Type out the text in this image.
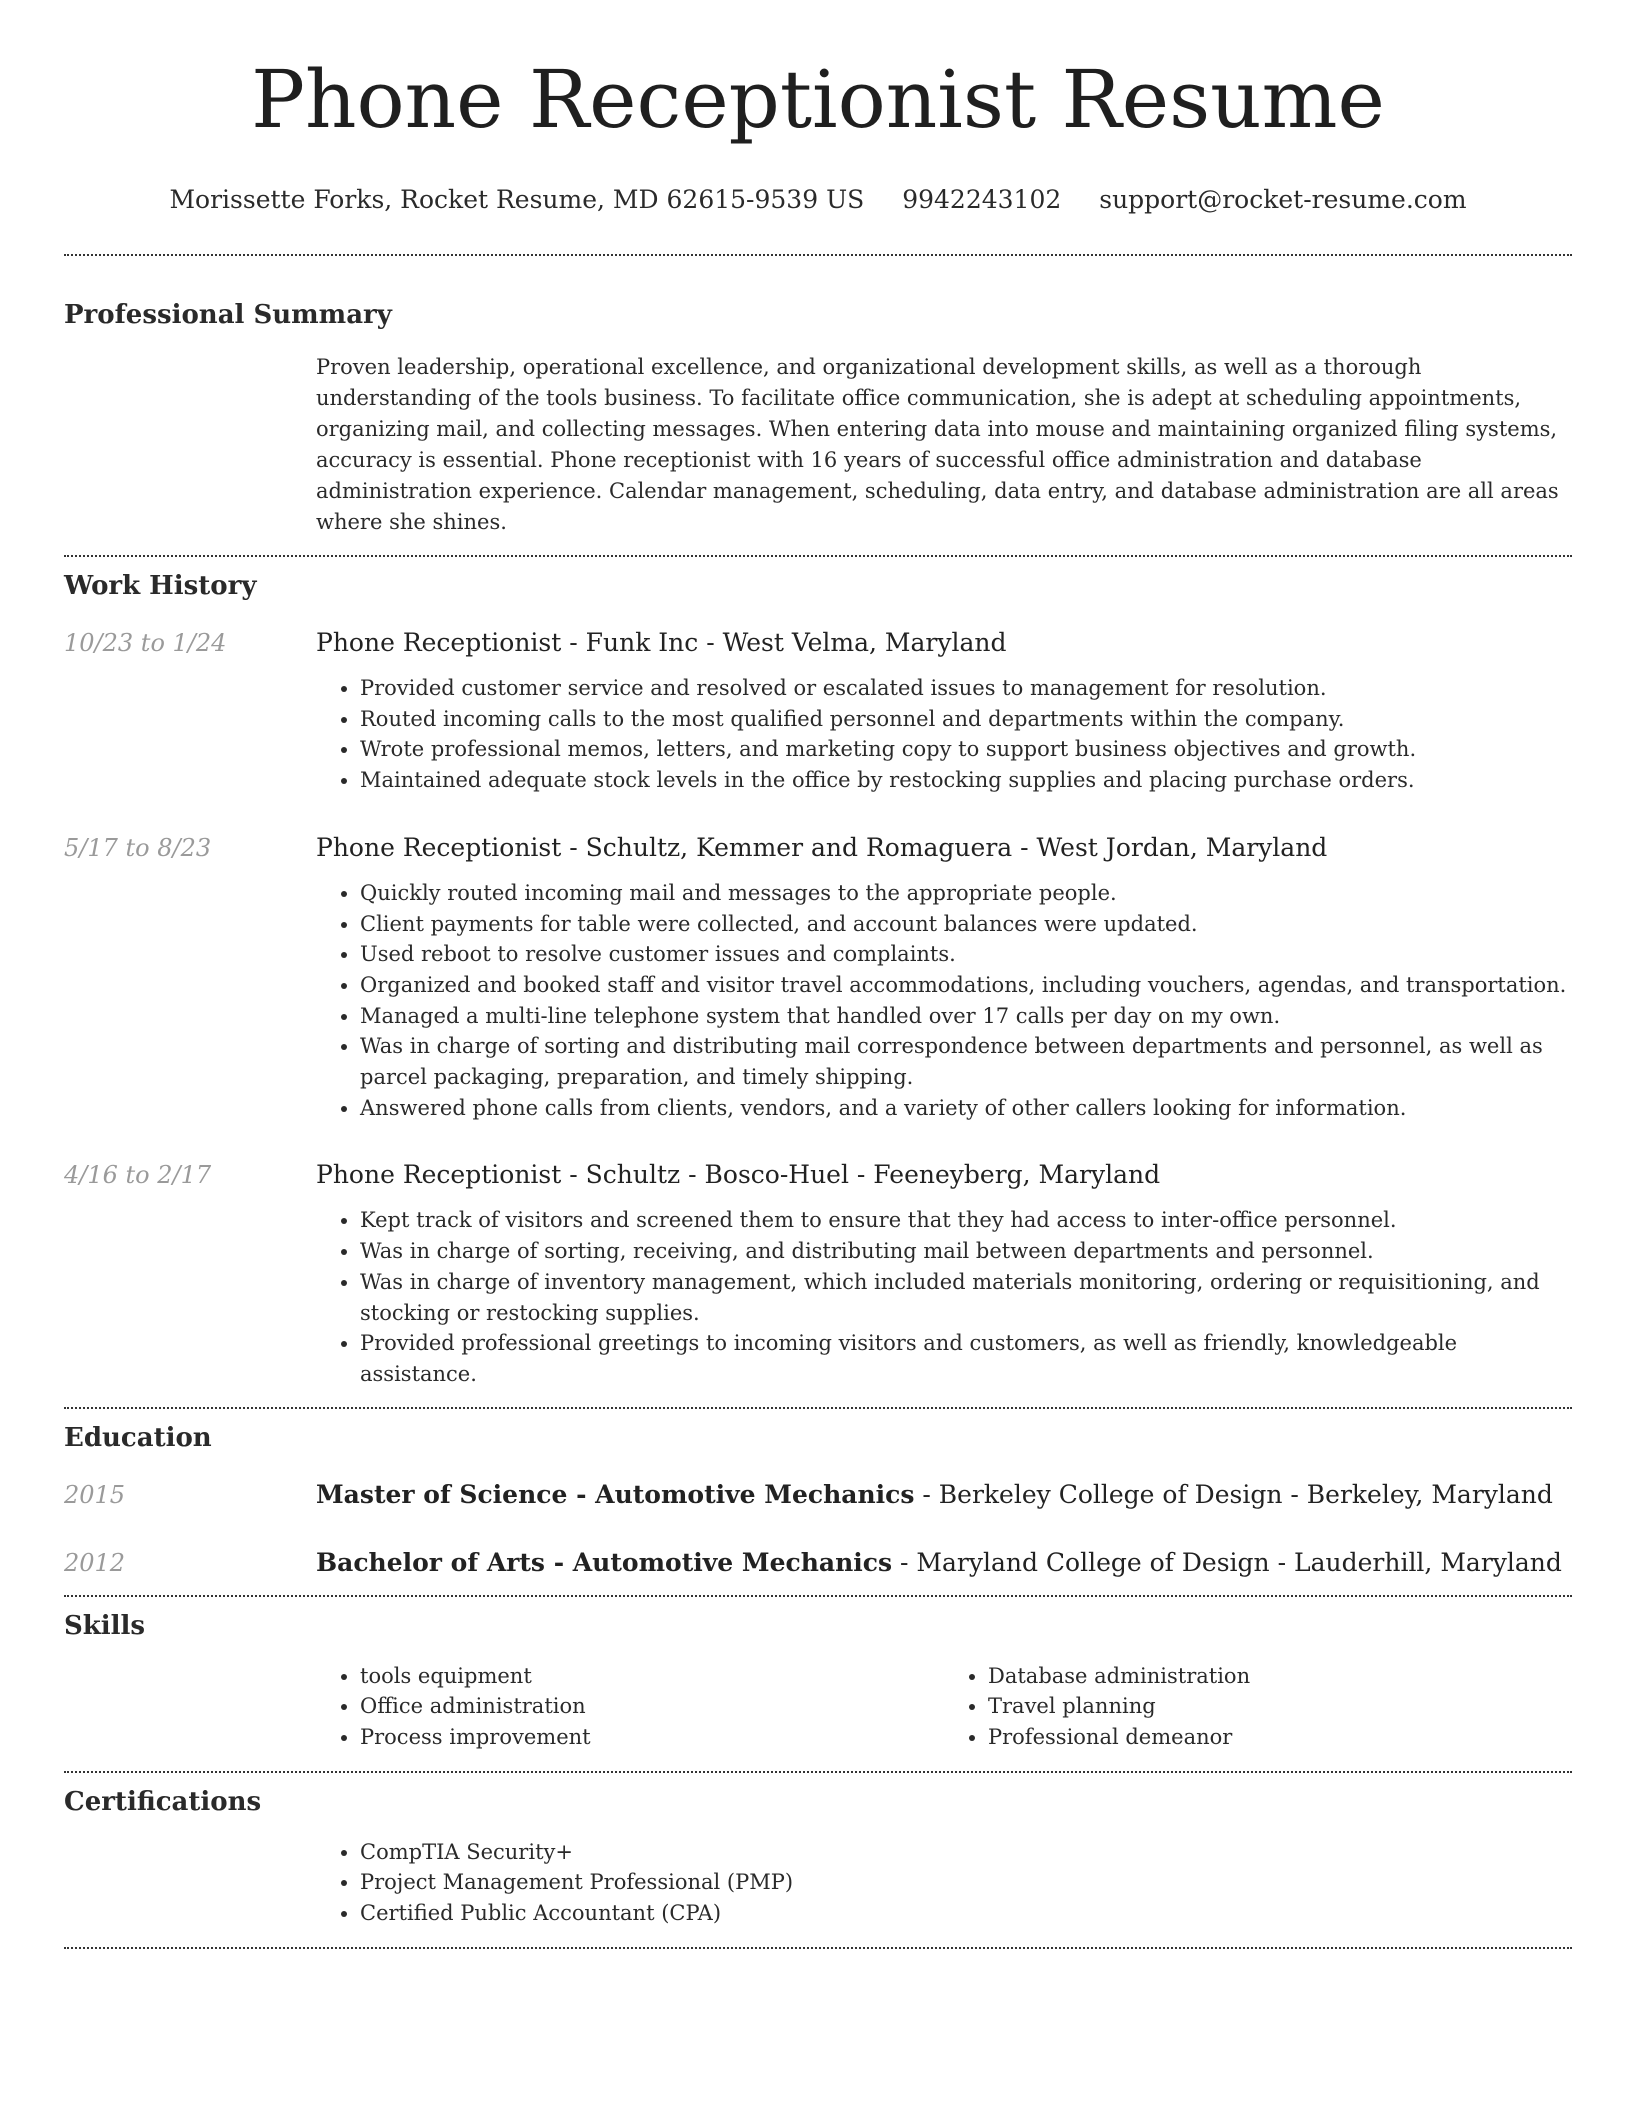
Phone Receptionist Resume
Morissette Forks, Rocket Resume, MD 62615-9539 US 9942243102 support@rocket-resume.com
Professional Summary

Proven leadership, operational excellence, and organizational development skills, as well as a thorough understanding of the tools business. To facilitate office communication, she is adept at scheduling appointments, organizing mail, and collecting messages. When entering data into mouse and maintaining organized filing systems, accuracy is essential. Phone receptionist with 16 years of successful office administration and database administration experience. Calendar management, scheduling, data entry, and database administration are all areas where she shines.

Work History
10/23 to 1/24	Phone Receptionist - Funk Inc - West Velma, Maryland

• Provided customer service and resolved or escalated issues to management for resolution.
• Routed incoming calls to the most qualified personnel and departments within the company.
• Wrote professional memos, letters, and marketing copy to support business objectives and growth.
• Maintained adequate stock levels in the office by restocking supplies and placing purchase orders.
5/17 to 8/23	Phone Receptionist - Schultz, Kemmer and Romaguera - West Jordan, Maryland

• Quickly routed incoming mail and messages to the appropriate people.
• Client payments for table were collected, and account balances were updated.
• Used reboot to resolve customer issues and complaints.
• Organized and booked staff and visitor travel accommodations, including vouchers, agendas, and transportation.
• Managed a multi-line telephone system that handled over 17 calls per day on my own.
• Was in charge of sorting and distributing mail correspondence between departments and personnel, as well as parcel packaging, preparation, and timely shipping.
• Answered phone calls from clients, vendors, and a variety of other callers looking for information.
4/16 to 2/17	Phone Receptionist - Schultz - Bosco-Huel - Feeneyberg, Maryland

• Kept track of visitors and screened them to ensure that they had access to inter-office personnel.
• Was in charge of sorting, receiving, and distributing mail between departments and personnel.
• Was in charge of inventory management, which included materials monitoring, ordering or requisitioning, and stocking or restocking supplies.
• Provided professional greetings to incoming visitors and customers, as well as friendly, knowledgeable assistance.
Education
2015	Master of Science - Automotive Mechanics - Berkeley College of Design - Berkeley, Maryland

2012	Bachelor of Arts - Automotive Mechanics - Maryland College of Design - Lauderhill, Maryland

Skills
• tools equipment
• Office administration
• Process improvement
• Database administration
• Travel planning
• Professional demeanor
Certifications
• CompTIA Security+
• Project Management Professional (PMP)
• Certified Public Accountant (CPA)
